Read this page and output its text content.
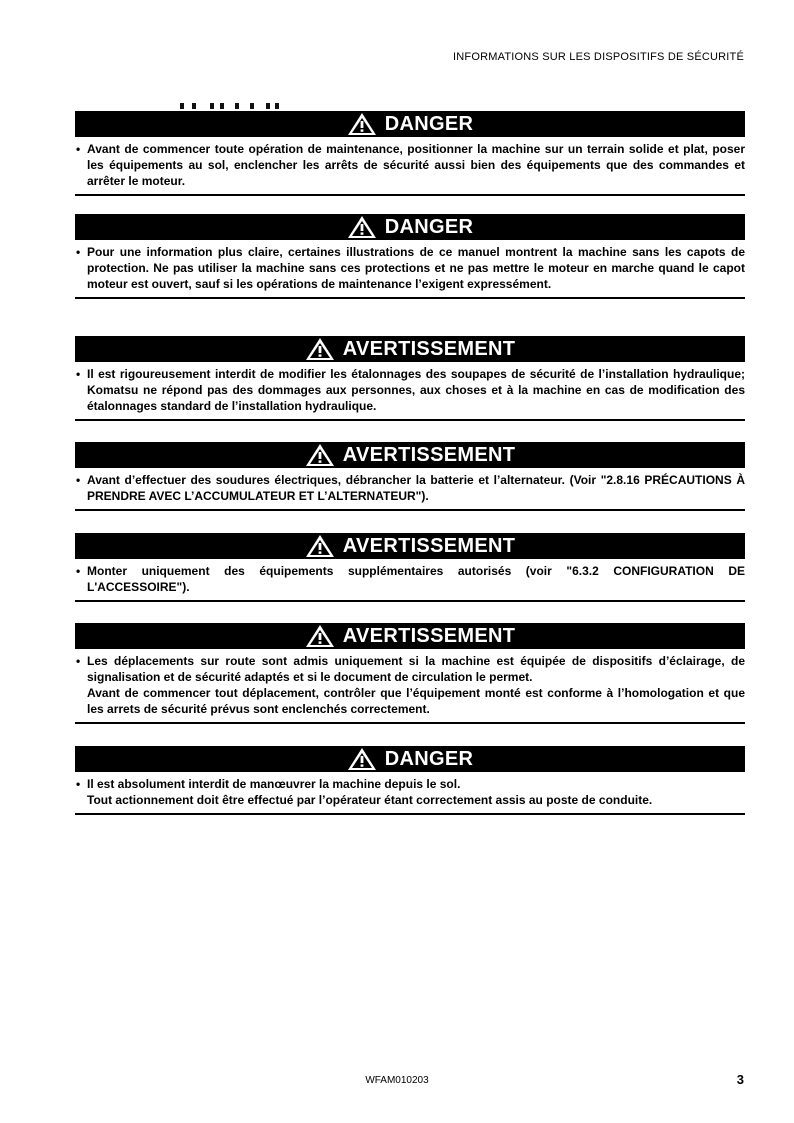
INFORMATIONS SUR LES DISPOSITIFS DE SÉCURITÉ
DANGER
• Avant de commencer toute opération de maintenance, positionner la machine sur un terrain solide et plat, poser les équipements au sol, enclencher les arrêts de sécurité aussi bien des équipements que des commandes et arrêter le moteur.
DANGER
• Pour une information plus claire, certaines illustrations de ce manuel montrent la machine sans les capots de protection. Ne pas utiliser la machine sans ces protections et ne pas mettre le moteur en marche quand le capot moteur est ouvert, sauf si les opérations de maintenance l’exigent expressément.
AVERTISSEMENT
• Il est rigoureusement interdit de modifier les étalonnages des soupapes de sécurité de l’installation hydraulique; Komatsu ne répond pas des dommages aux personnes, aux choses et à la machine en cas de modification des étalonnages standard de l’installation hydraulique.
AVERTISSEMENT
• Avant d’effectuer des soudures électriques, débrancher la batterie et l’alternateur. (Voir "2.8.16 PRÉCAUTIONS À PRENDRE AVEC L’ACCUMULATEUR ET L’ALTERNATEUR").
AVERTISSEMENT
• Monter uniquement des équipements supplémentaires autorisés (voir "6.3.2 CONFIGURATION DE L'ACCESSOIRE").
AVERTISSEMENT
• Les déplacements sur route sont admis uniquement si la machine est équipée de dispositifs d’éclairage, de signalisation et de sécurité adaptés et si le document de circulation le permet.
Avant de commencer tout déplacement, contrôler que l’équipement monté est conforme à l’homologation et que les arrets de sécurité prévus sont enclenchés correctement.
DANGER
• Il est absolument interdit de manœuvrer la machine depuis le sol.
Tout actionnement doit être effectué par l’opérateur étant correctement assis au poste de conduite.
WFAM010203	3
